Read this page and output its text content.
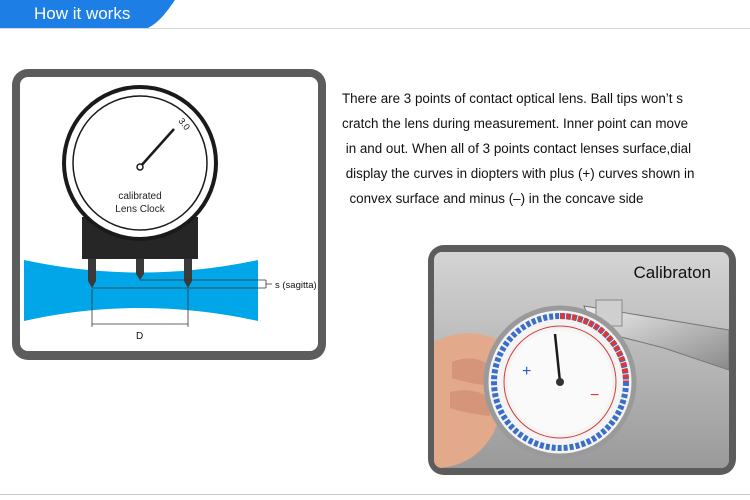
How it works
3.0
s (sagitta)
D
calibrated
Lens Clock

There are 3 points of contact optical lens. Ball tips won’t s

cratch the lens during measurement. Inner point can move

in and out. When all of 3 points contact lenses surface,dial

display the curves in diopters with plus (+) curves shown in

convex surface and minus (–) in the concave side

+
−
Calibraton
